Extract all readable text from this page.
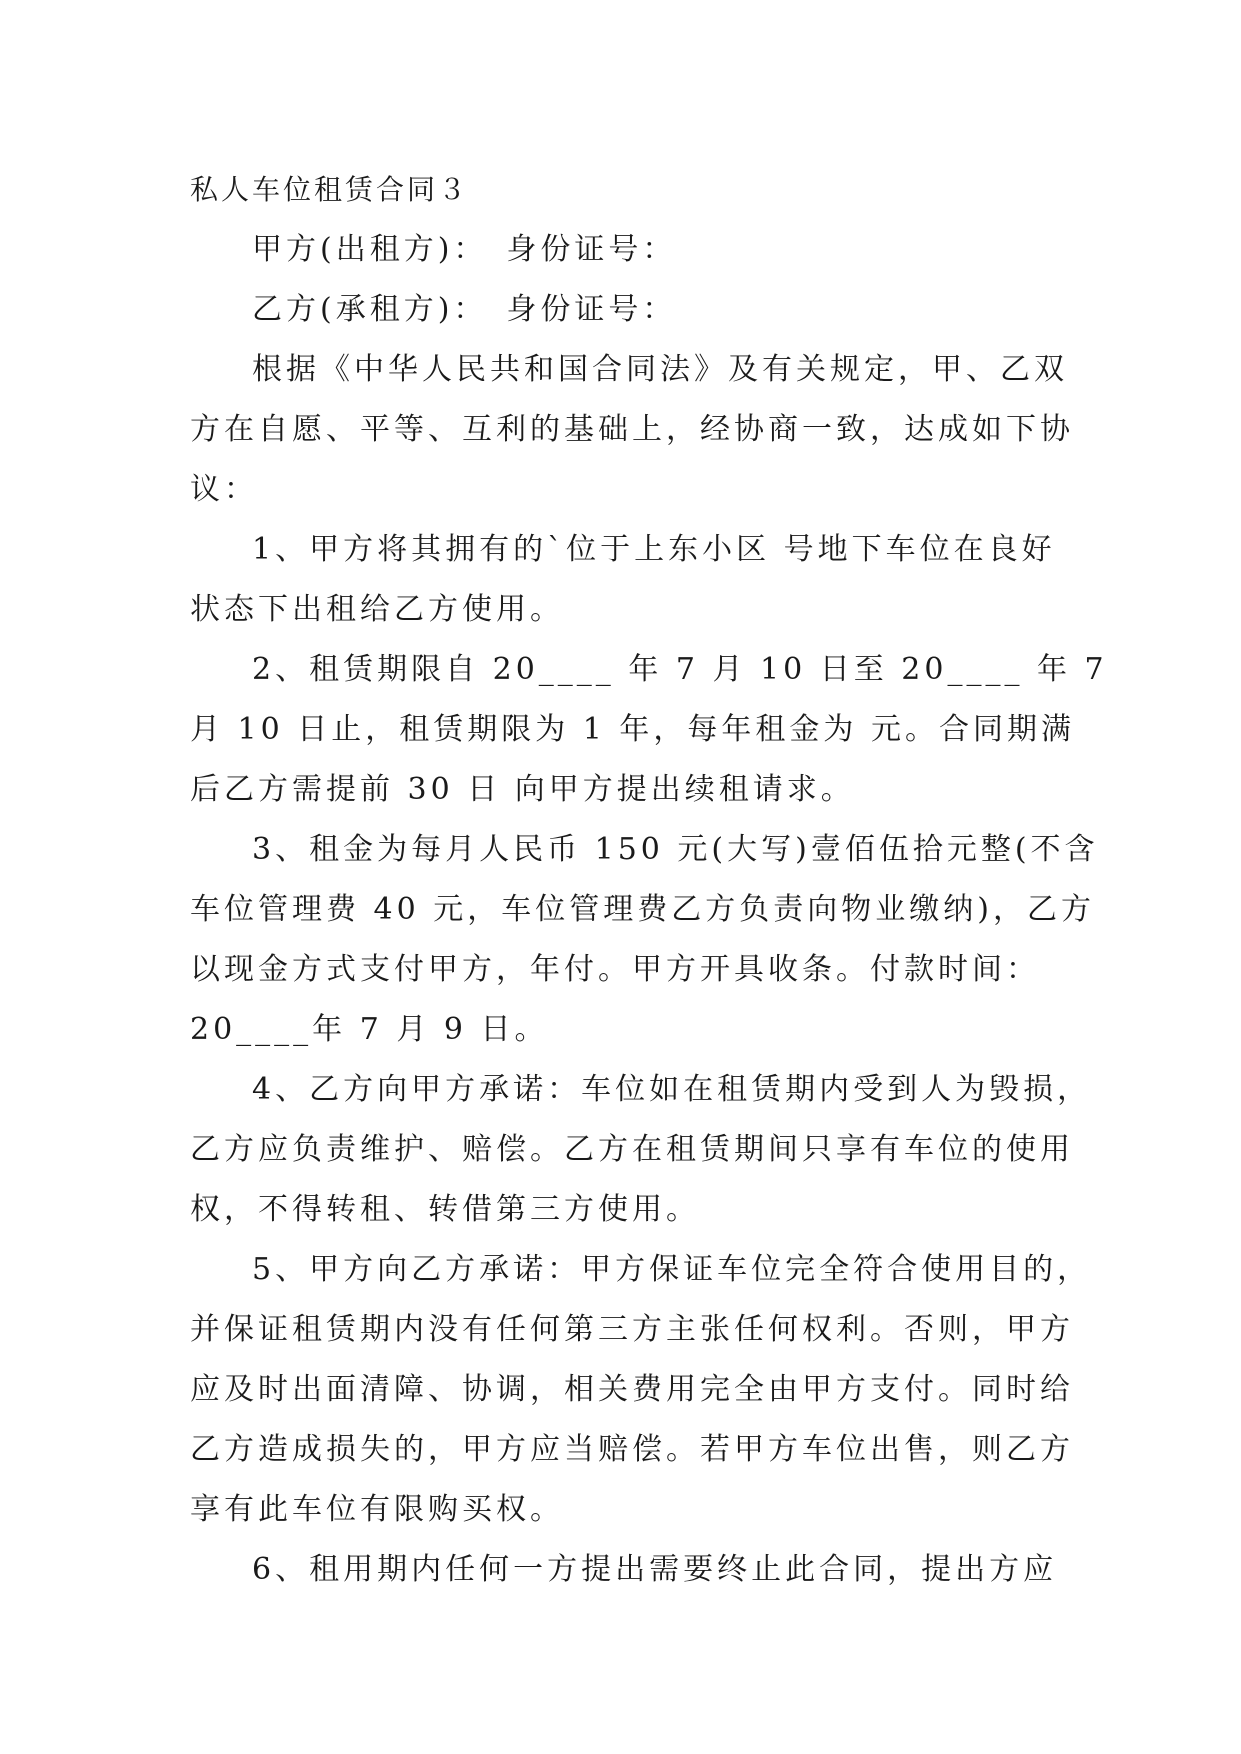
私人车位租赁合同３

甲方(出租方)：　身份证号：
乙方(承租方)：　身份证号：
根据《中华人民共和国合同法》及有关规定，甲、乙双
方在自愿、平等、互利的基础上，经协商一致，达成如下协
议：
1、甲方将其拥有的`位于上东小区 号地下车位在良好
状态下出租给乙方使用。
2、租赁期限自 20____ 年 7 月 10 日至 20____ 年 7
月 10 日止，租赁期限为 1 年，每年租金为 元。合同期满
后乙方需提前 30 日 向甲方提出续租请求。
3、租金为每月人民币 150 元(大写)壹佰伍拾元整(不含
车位管理费 40 元，车位管理费乙方负责向物业缴纳)，乙方
以现金方式支付甲方，年付。甲方开具收条。付款时间：
20____年 7 月 9 日。
4、乙方向甲方承诺：车位如在租赁期内受到人为毁损，
乙方应负责维护、赔偿。乙方在租赁期间只享有车位的使用
权，不得转租、转借第三方使用。
5、甲方向乙方承诺：甲方保证车位完全符合使用目的，
并保证租赁期内没有任何第三方主张任何权利。否则，甲方
应及时出面清障、协调，相关费用完全由甲方支付。同时给
乙方造成损失的，甲方应当赔偿。若甲方车位出售，则乙方
享有此车位有限购买权。
6、租用期内任何一方提出需要终止此合同，提出方应
